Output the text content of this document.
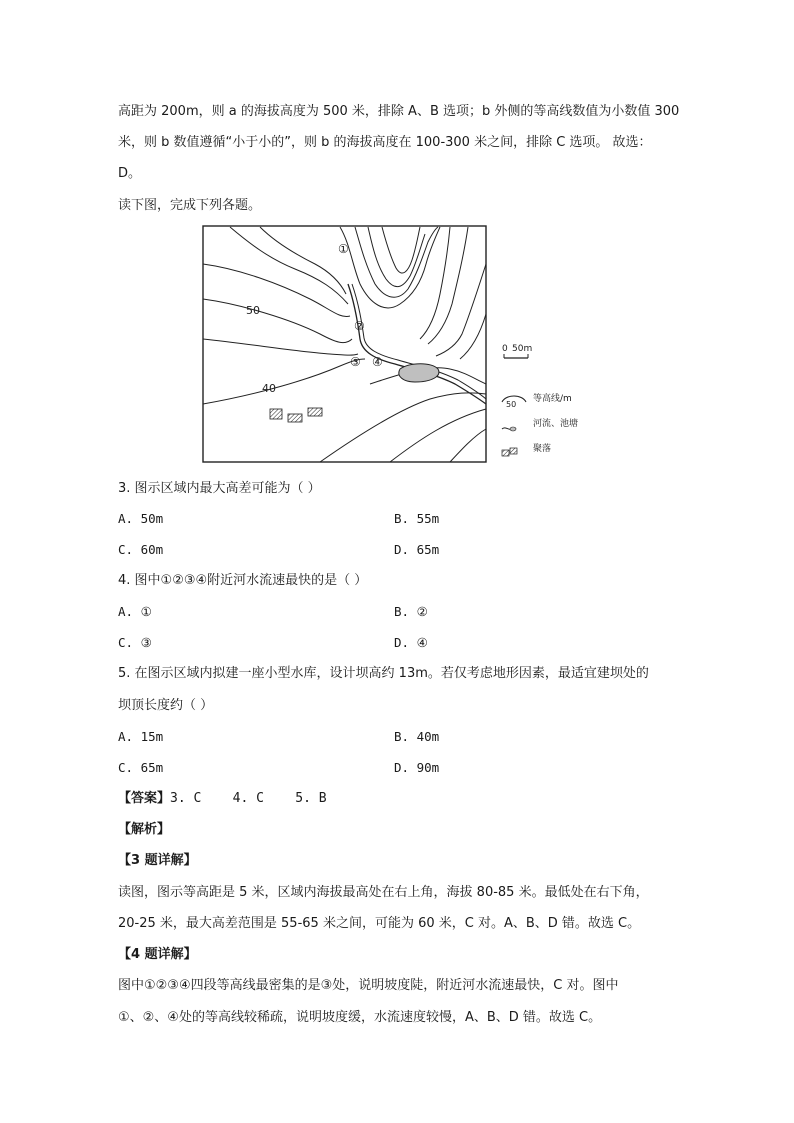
高距为 200m，则 a 的海拔高度为 500 米，排除 A、B 选项；b 外侧的等高线数值为小数值 300
米，则 b 数值遵循“小于小的”，则 b 的海拔高度在 100-300 米之间，排除 C 选项。 故选：
D。
读下图，完成下列各题。
50
40
①
②
③ ④
0 50m
50
等高线/m
河流、池塘
聚落
3. 图示区域内最大高差可能为（ ）
A. 50m	B. 55m
C. 60m	D. 65m
4. 图中①②③④附近河水流速最快的是（ ）
A. ①	B. ②
C. ③	D. ④
5. 在图示区域内拟建一座小型水库，设计坝高约 13m。若仅考虑地形因素，最适宜建坝处的
坝顶长度约（ ）
A. 15m	B. 40m
C. 65m	D. 90m
【答案】3. C    4. C    5. B
【解析】
【3 题详解】
读图，图示等高距是 5 米，区域内海拔最高处在右上角，海拔 80-85 米。最低处在右下角，
20-25 米，最大高差范围是 55-65 米之间，可能为 60 米，C 对。A、B、D 错。故选 C。
【4 题详解】
图中①②③④四段等高线最密集的是③处，说明坡度陡，附近河水流速最快，C 对。图中
①、②、④处的等高线较稀疏，说明坡度缓，水流速度较慢，A、B、D 错。故选 C。
